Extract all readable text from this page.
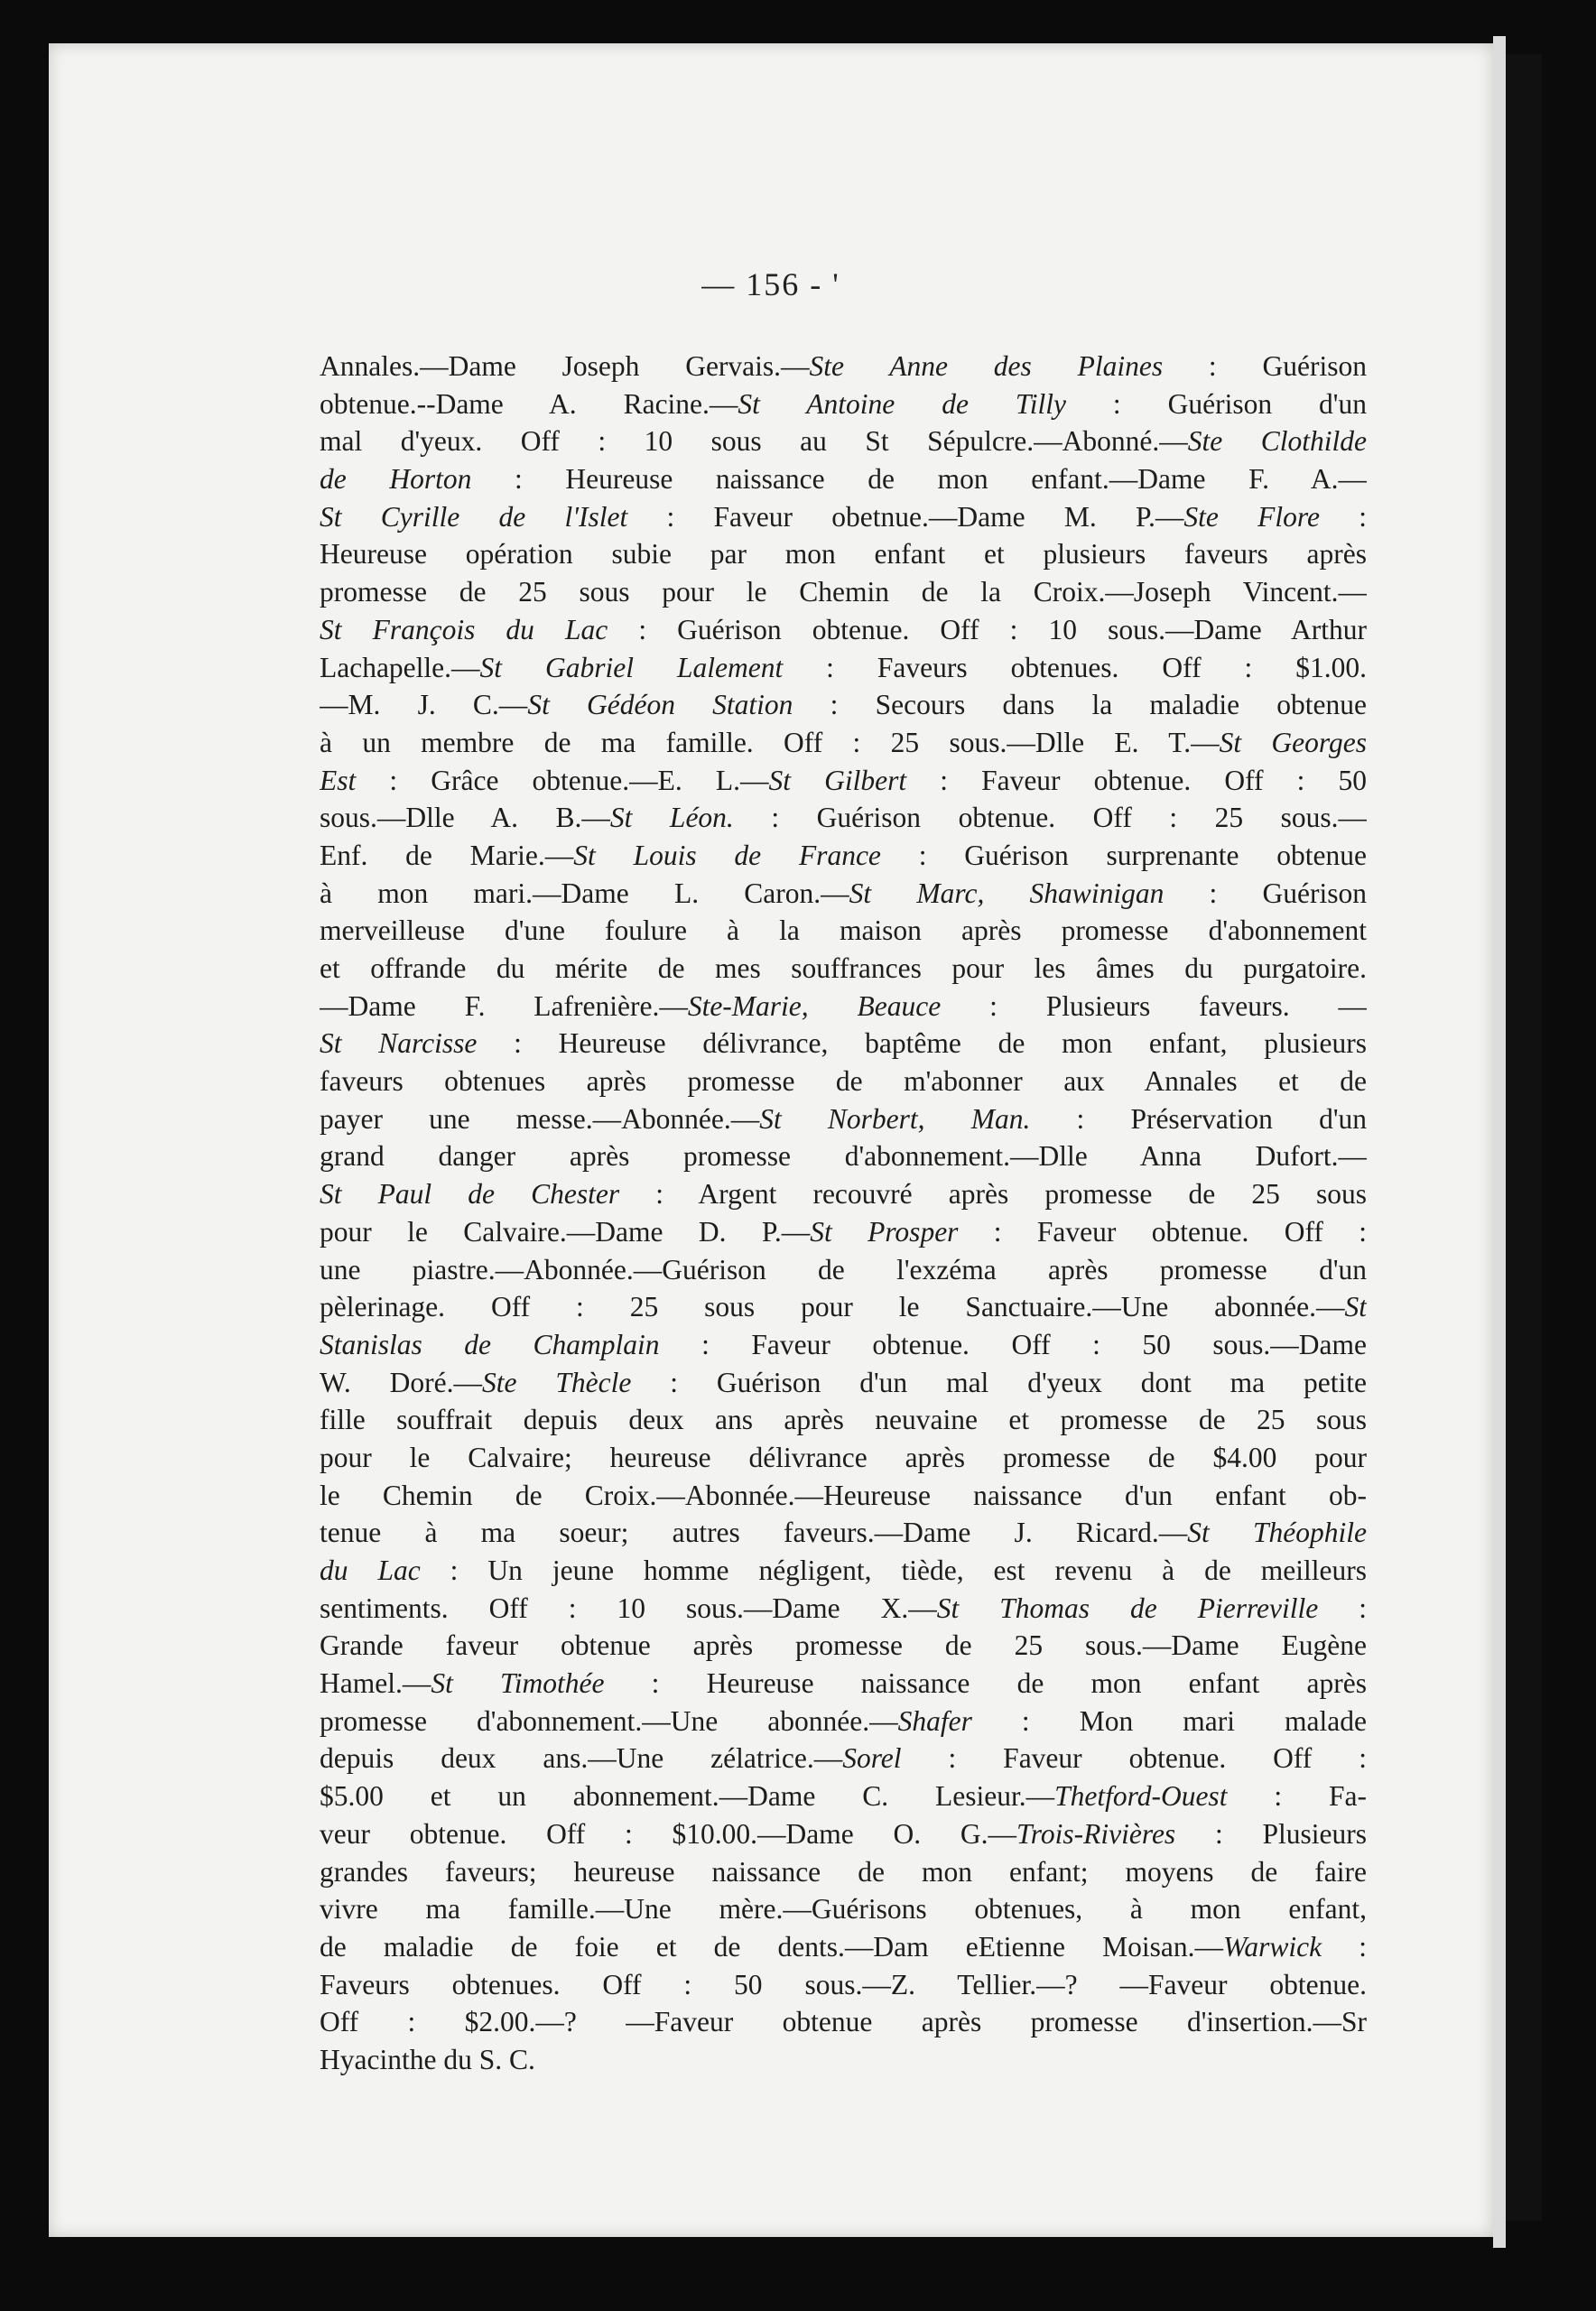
— 156 - '
Annales.—Dame Joseph Gervais.—Ste Anne des Plaines : Guérison
obtenue.--Dame A. Racine.—St Antoine de Tilly : Guérison d'un
mal d'yeux. Off : 10 sous au St Sépulcre.—Abonné.—Ste Clothilde
de Horton : Heureuse naissance de mon enfant.—Dame F. A.—
St Cyrille de l'Islet : Faveur obetnue.—Dame M. P.—Ste Flore :
Heureuse opération subie par mon enfant et plusieurs faveurs après
promesse de 25 sous pour le Chemin de la Croix.—Joseph Vincent.—
St François du Lac : Guérison obtenue. Off : 10 sous.—Dame Arthur
Lachapelle.—St Gabriel Lalement : Faveurs obtenues. Off : $1.00.
—M. J. C.—St Gédéon Station : Secours dans la maladie obtenue
à un membre de ma famille. Off : 25 sous.—Dlle E. T.—St Georges
Est : Grâce obtenue.—E. L.—St Gilbert : Faveur obtenue. Off : 50
sous.—Dlle A. B.—St Léon. : Guérison obtenue. Off : 25 sous.—
Enf. de Marie.—St Louis de France : Guérison surprenante obtenue
à mon mari.—Dame L. Caron.—St Marc, Shawinigan : Guérison
merveilleuse d'une foulure à la maison après promesse d'abonnement
et offrande du mérite de mes souffrances pour les âmes du purgatoire.
—Dame F. Lafrenière.—Ste-Marie, Beauce : Plusieurs faveurs. —
St Narcisse : Heureuse délivrance, baptême de mon enfant, plusieurs
faveurs obtenues après promesse de m'abonner aux Annales et de
payer une messe.—Abonnée.—St Norbert, Man. : Préservation d'un
grand danger après promesse d'abonnement.—Dlle Anna Dufort.—
St Paul de Chester : Argent recouvré après promesse de 25 sous
pour le Calvaire.—Dame D. P.—St Prosper : Faveur obtenue. Off :
une piastre.—Abonnée.—Guérison de l'exzéma après promesse d'un
pèlerinage. Off : 25 sous pour le Sanctuaire.—Une abonnée.—St
Stanislas de Champlain : Faveur obtenue. Off : 50 sous.—Dame
W. Doré.—Ste Thècle : Guérison d'un mal d'yeux dont ma petite
fille souffrait depuis deux ans après neuvaine et promesse de 25 sous
pour le Calvaire; heureuse délivrance après promesse de $4.00 pour
le Chemin de Croix.—Abonnée.—Heureuse naissance d'un enfant ob-
tenue à ma soeur; autres faveurs.—Dame J. Ricard.—St Théophile
du Lac : Un jeune homme négligent, tiède, est revenu à de meilleurs
sentiments. Off : 10 sous.—Dame X.—St Thomas de Pierreville :
Grande faveur obtenue après promesse de 25 sous.—Dame Eugène
Hamel.—St Timothée : Heureuse naissance de mon enfant après
promesse d'abonnement.—Une abonnée.—Shafer : Mon mari malade
depuis deux ans.—Une zélatrice.—Sorel : Faveur obtenue. Off :
$5.00 et un abonnement.—Dame C. Lesieur.—Thetford-Ouest : Fa-
veur obtenue. Off : $10.00.—Dame O. G.—Trois-Rivières : Plusieurs
grandes faveurs; heureuse naissance de mon enfant; moyens de faire
vivre ma famille.—Une mère.—Guérisons obtenues, à mon enfant,
de maladie de foie et de dents.—Dam eEtienne Moisan.—Warwick :
Faveurs obtenues. Off : 50 sous.—Z. Tellier.—? —Faveur obtenue.
Off : $2.00.—? —Faveur obtenue après promesse d'insertion.—Sr
Hyacinthe du S. C.
